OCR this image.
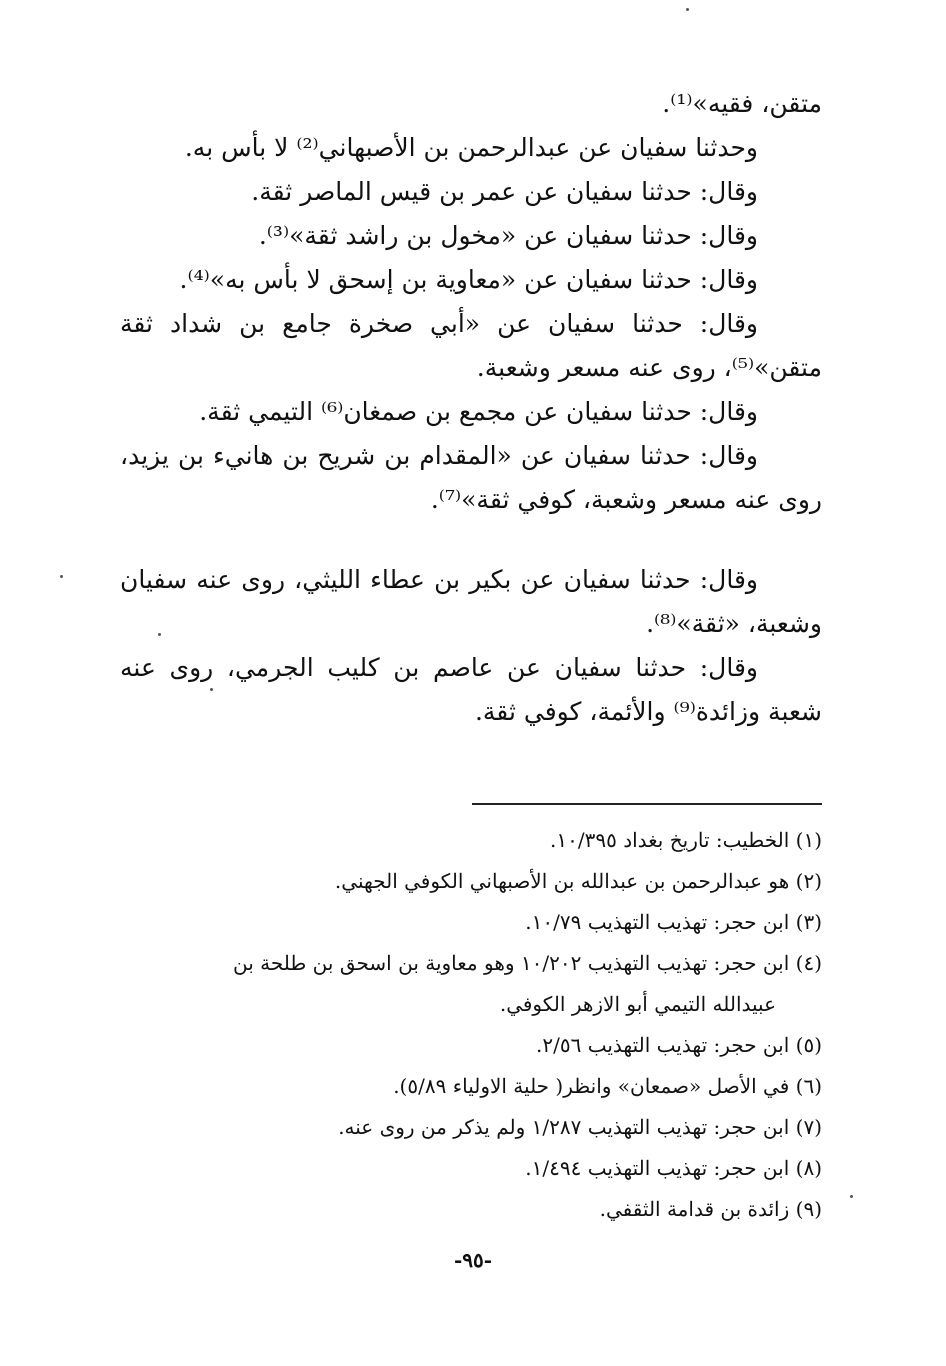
متقن، فقيه»⁽¹⁾.

وحدثنا سفيان عن عبدالرحمن بن الأصبهاني⁽²⁾ لا بأس به.

وقال: حدثنا سفيان عن عمر بن قيس الماصر ثقة.

وقال: حدثنا سفيان عن «مخول بن راشد ثقة»⁽³⁾.

وقال: حدثنا سفيان عن «معاوية بن إسحق لا بأس به»⁽⁴⁾.

وقال: حدثنا سفيان عن «أبي صخرة جامع بن شداد ثقة متقن»⁽⁵⁾، روى عنه مسعر وشعبة.

وقال: حدثنا سفيان عن مجمع بن صمغان⁽⁶⁾ التيمي ثقة.

وقال: حدثنا سفيان عن «المقدام بن شريح بن هانيء بن يزيد، روى عنه مسعر وشعبة، كوفي ثقة»⁽⁷⁾.

وقال: حدثنا سفيان عن بكير بن عطاء الليثي، روى عنه سفيان وشعبة، «ثقة»⁽⁸⁾.

وقال: حدثنا سفيان عن عاصم بن كليب الجرمي، روى عنه شعبة وزائدة⁽⁹⁾ والأئمة، كوفي ثقة.

(١) الخطيب: تاريخ بغداد ١٠/٣٩٥.

(٢) هو عبدالرحمن بن عبدالله بن الأصبهاني الكوفي الجهني.

(٣) ابن حجر: تهذيب التهذيب ١٠/٧٩.

(٤) ابن حجر: تهذيب التهذيب ١٠/٢٠٢ وهو معاوية بن اسحق بن طلحة بن

عبيدالله التيمي أبو الازهر الكوفي.

(٥) ابن حجر: تهذيب التهذيب ٢/٥٦.

(٦) في الأصل «صمعان» وانظر( حلية الاولياء ٥/٨٩).

(٧) ابن حجر: تهذيب التهذيب ١/٢٨٧ ولم يذكر من روى عنه.

(٨) ابن حجر: تهذيب التهذيب ١/٤٩٤.

(٩) زائدة بن قدامة الثقفي.

-٩٥-
